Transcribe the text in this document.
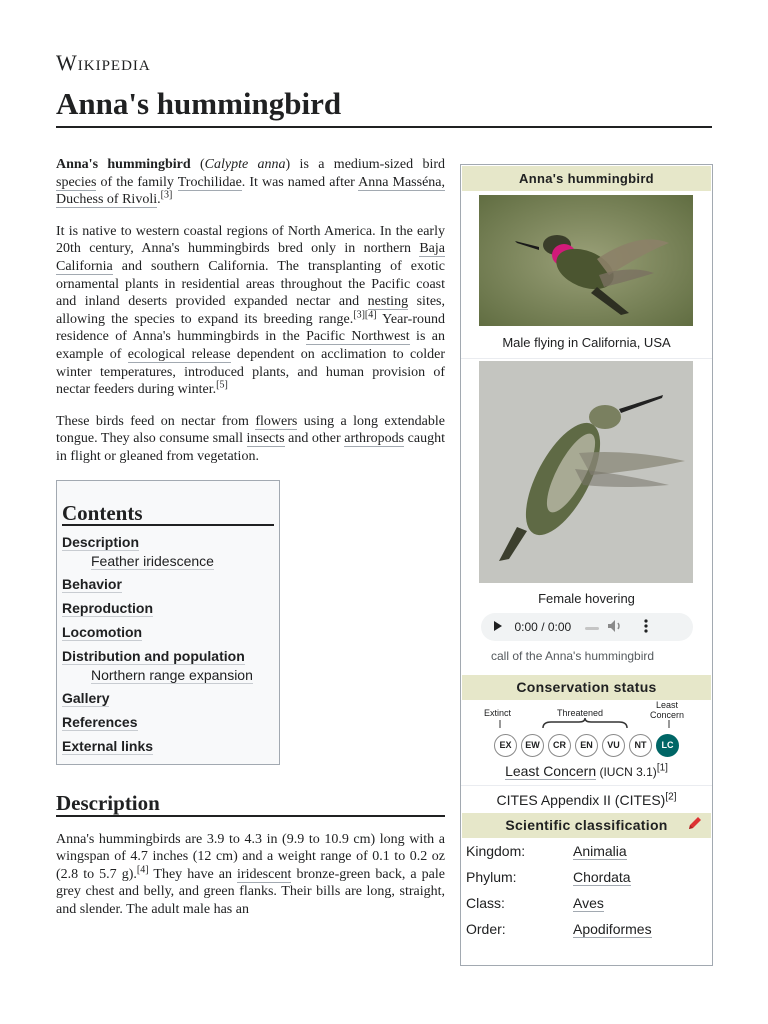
Wikipedia
Anna's hummingbird

Anna's hummingbird (Calypte anna) is a medium-sized bird species of the family Trochilidae. It was named after Anna Masséna, Duchess of Rivoli.[3]

It is native to western coastal regions of North America. In the early 20th century, Anna's hummingbirds bred only in northern Baja California and southern California. The transplanting of exotic ornamental plants in residential areas throughout the Pacific coast and inland deserts provided expanded nectar and nesting sites, allowing the species to expand its breeding range.[3][4] Year-round residence of Anna's hummingbirds in the Pacific Northwest is an example of ecological release dependent on acclimation to colder winter temperatures, introduced plants, and human provision of nectar feeders during winter.[5]

These birds feed on nectar from flowers using a long extendable tongue. They also consume small insects and other arthropods caught in flight or gleaned from vegetation.

Contents
Description
Feather iridescence
Behavior
Reproduction
Locomotion
Distribution and population
Northern range expansion
Gallery
References
External links
Description

Anna's hummingbirds are 3.9 to 4.3 in (9.9 to 10.9 cm) long with a wingspan of 4.7 inches (12 cm) and a weight range of 0.1 to 0.2 oz (2.8 to 5.7 g).[4] They have an iridescent bronze-green back, a pale grey chest and belly, and green flanks. Their bills are long, straight, and slender. The adult male has an

Anna's hummingbird
Male flying in California, USA
Female hovering
0:00 / 0:00
call of the Anna's hummingbird
Conservation status
Extinct	Threatened
Least Concern
EX	EW	CR	EN	VU	NT	LC
Least Concern (IUCN 3.1)[1]
CITES Appendix II (CITES)[2]
Scientific classification
Kingdom:	Animalia
Phylum:	Chordata
Class:	Aves
Order:	Apodiformes
